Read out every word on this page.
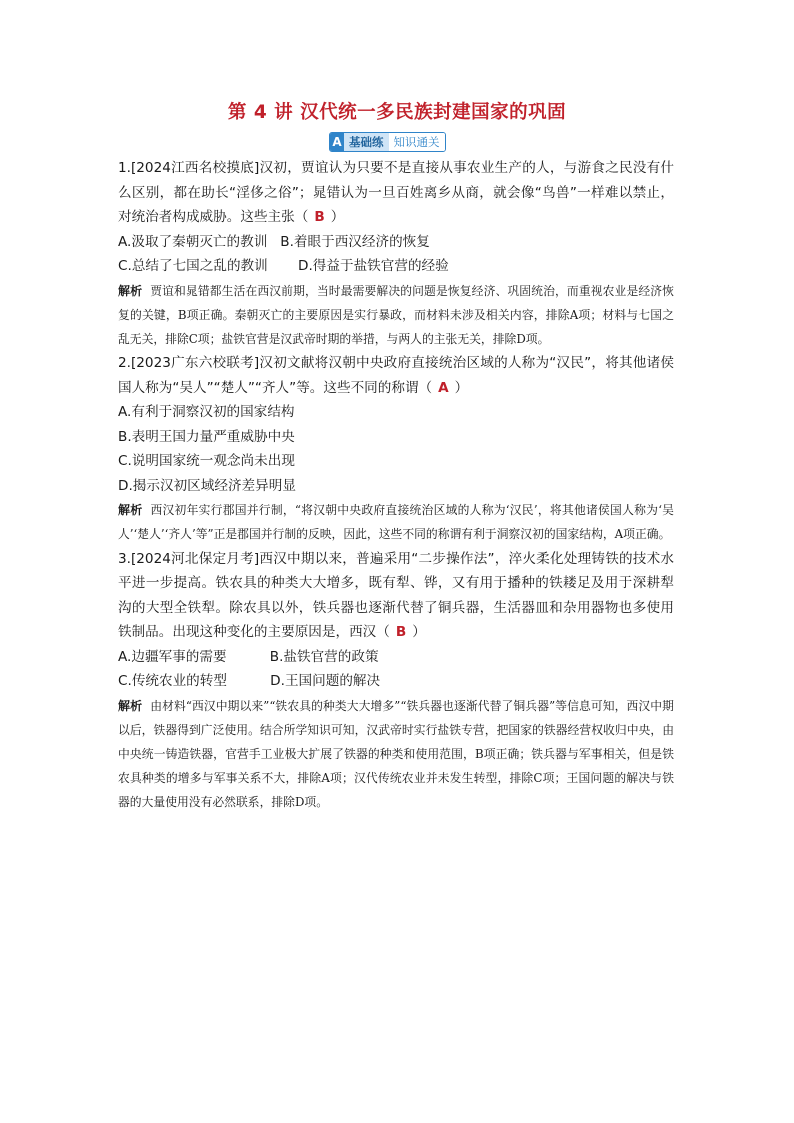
第 4 讲 汉代统一多民族封建国家的巩固
A 基础练 知识通关

1.[2024江西名校摸底]汉初，贾谊认为只要不是直接从事农业生产的人，与游食之民没有什么区别，都在助长“淫侈之俗”；晁错认为一旦百姓离乡从商，就会像“鸟兽”一样难以禁止，对统治者构成威胁。这些主张（ B ）

A.汲取了秦朝灭亡的教训   B.着眼于西汉经济的恢复

C.总结了七国之乱的教训       D.得益于盐铁官营的经验

解析 贾谊和晁错都生活在西汉前期，当时最需要解决的问题是恢复经济、巩固统治，而重视农业是经济恢复的关键，B项正确。秦朝灭亡的主要原因是实行暴政，而材料未涉及相关内容，排除A项；材料与七国之乱无关，排除C项；盐铁官营是汉武帝时期的举措，与两人的主张无关，排除D项。

2.[2023广东六校联考]汉初文献将汉朝中央政府直接统治区域的人称为“汉民”，将其他诸侯国人称为“吴人”“楚人”“齐人”等。这些不同的称谓（ A ）

A.有利于洞察汉初的国家结构

B.表明王国力量严重威胁中央

C.说明国家统一观念尚未出现

D.揭示汉初区域经济差异明显

解析 西汉初年实行郡国并行制，“将汉朝中央政府直接统治区域的人称为‘汉民’，将其他诸侯国人称为‘吴人’‘楚人’‘齐人’等”正是郡国并行制的反映，因此，这些不同的称谓有利于洞察汉初的国家结构，A项正确。

3.[2024河北保定月考]西汉中期以来，普遍采用“二步操作法”，淬火柔化处理铸铁的技术水平进一步提高。铁农具的种类大大增多，既有犁、铧，又有用于播种的铁耧足及用于深耕犁沟的大型全铁犁。除农具以外，铁兵器也逐渐代替了铜兵器，生活器皿和杂用器物也多使用铁制品。出现这种变化的主要原因是，西汉（ B ）

A.边疆军事的需要          B.盐铁官营的政策

C.传统农业的转型          D.王国问题的解决

解析 由材料“西汉中期以来”“铁农具的种类大大增多”“铁兵器也逐渐代替了铜兵器”等信息可知，西汉中期以后，铁器得到广泛使用。结合所学知识可知，汉武帝时实行盐铁专营，把国家的铁器经营权收归中央，由中央统一铸造铁器，官营手工业极大扩展了铁器的种类和使用范围，B项正确；铁兵器与军事相关，但是铁农具种类的增多与军事关系不大，排除A项；汉代传统农业并未发生转型，排除C项；王国问题的解决与铁器的大量使用没有必然联系，排除D项。
